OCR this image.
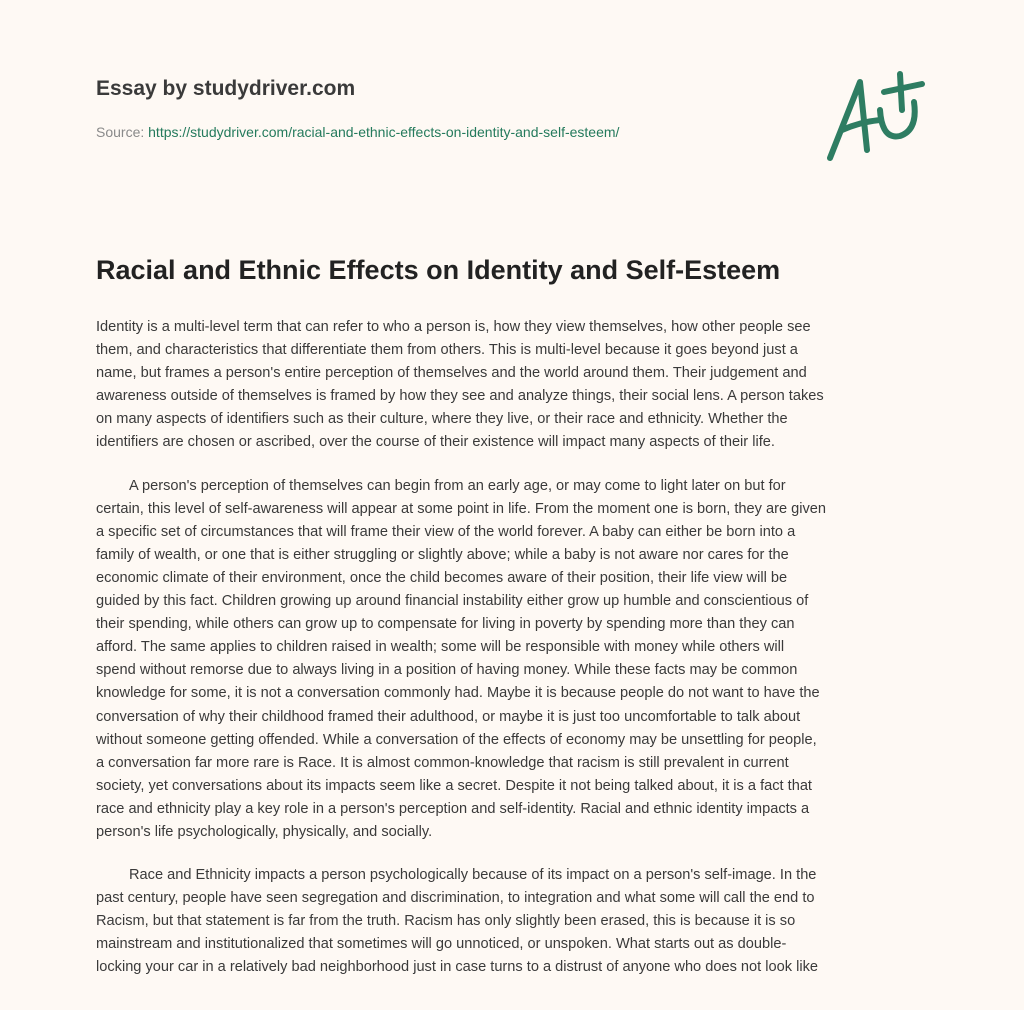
Essay by studydriver.com
Source: https://studydriver.com/racial-and-ethnic-effects-on-identity-and-self-esteem/
Racial and Ethnic Effects on Identity and Self-Esteem
Identity is a multi-level term that can refer to who a person is, how they view themselves, how other people see
them, and characteristics that differentiate them from others. This is multi-level because it goes beyond just a
name, but frames a person's entire perception of themselves and the world around them. Their judgement and
awareness outside of themselves is framed by how they see and analyze things, their social lens. A person takes
on many aspects of identifiers such as their culture, where they live, or their race and ethnicity. Whether the
identifiers are chosen or ascribed, over the course of their existence will impact many aspects of their life.
A person's perception of themselves can begin from an early age, or may come to light later on but for
certain, this level of self-awareness will appear at some point in life. From the moment one is born, they are given
a specific set of circumstances that will frame their view of the world forever. A baby can either be born into a
family of wealth, or one that is either struggling or slightly above; while a baby is not aware nor cares for the
economic climate of their environment, once the child becomes aware of their position, their life view will be
guided by this fact. Children growing up around financial instability either grow up humble and conscientious of
their spending, while others can grow up to compensate for living in poverty by spending more than they can
afford. The same applies to children raised in wealth; some will be responsible with money while others will
spend without remorse due to always living in a position of having money. While these facts may be common
knowledge for some, it is not a conversation commonly had. Maybe it is because people do not want to have the
conversation of why their childhood framed their adulthood, or maybe it is just too uncomfortable to talk about
without someone getting offended. While a conversation of the effects of economy may be unsettling for people,
a conversation far more rare is Race. It is almost common-knowledge that racism is still prevalent in current
society, yet conversations about its impacts seem like a secret. Despite it not being talked about, it is a fact that
race and ethnicity play a key role in a person's perception and self-identity. Racial and ethnic identity impacts a
person's life psychologically, physically, and socially.
Race and Ethnicity impacts a person psychologically because of its impact on a person's self-image. In the
past century, people have seen segregation and discrimination, to integration and what some will call the end to
Racism, but that statement is far from the truth. Racism has only slightly been erased, this is because it is so
mainstream and institutionalized that sometimes will go unnoticed, or unspoken. What starts out as double-
locking your car in a relatively bad neighborhood just in case turns to a distrust of anyone who does not look like
